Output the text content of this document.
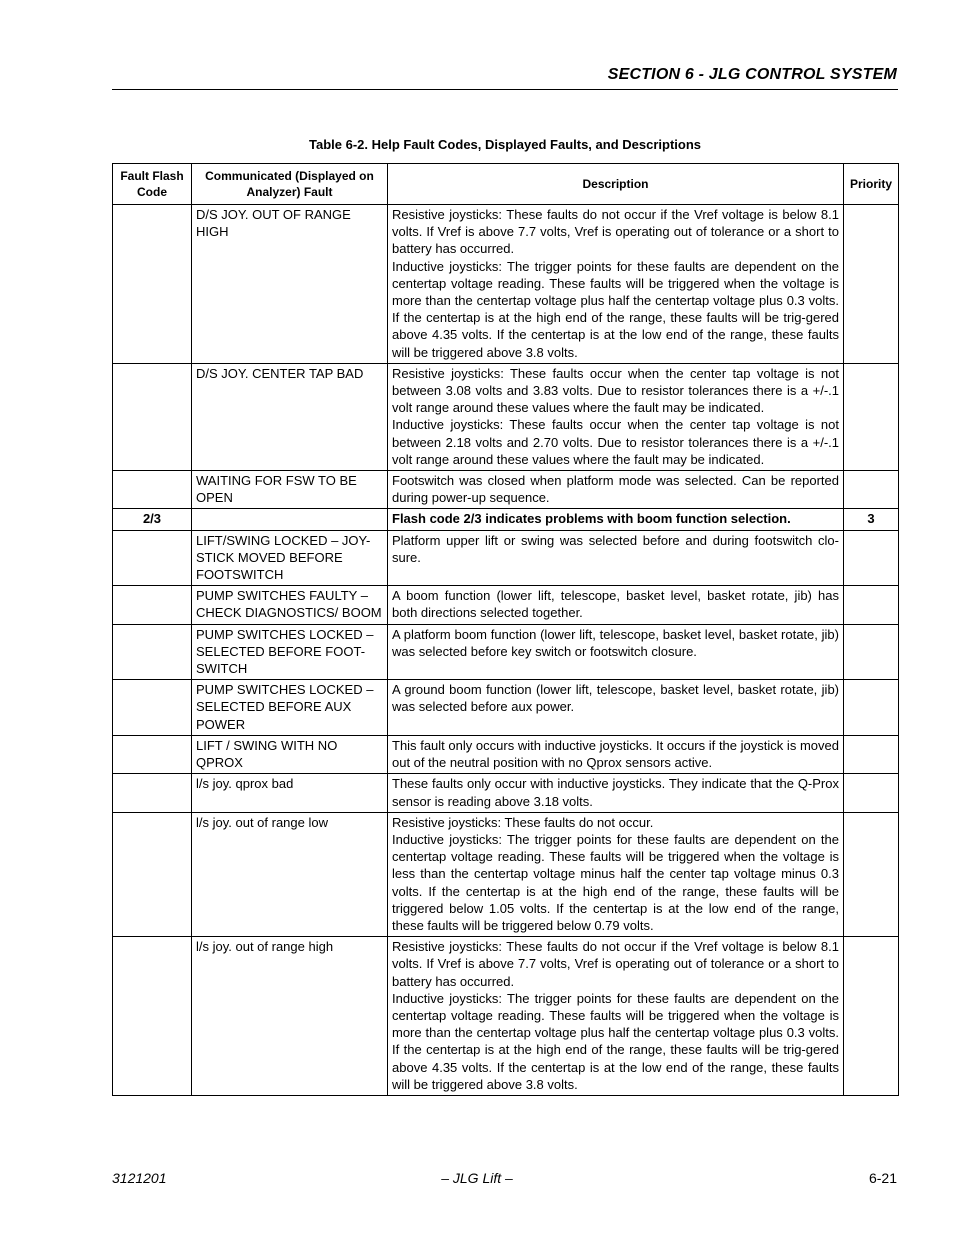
SECTION 6 - JLG CONTROL SYSTEM
Table 6-2. Help Fault Codes, Displayed Faults, and Descriptions
Fault Flash Code	Communicated (Displayed on Analyzer) Fault	Description	Priority
	D/S JOY. OUT OF RANGE HIGH	Resistive joysticks: These faults do not occur if the Vref voltage is below 8.1 volts. If Vref is above 7.7 volts, Vref is operating out of tolerance or a short to battery has occurred.
Inductive joysticks: The trigger points for these faults are dependent on the centertap voltage reading. These faults will be triggered when the voltage is more than the centertap voltage plus half the centertap voltage plus 0.3 volts. If the centertap is at the high end of the range, these faults will be trig-gered above 4.35 volts. If the centertap is at the low end of the range, these faults will be triggered above 3.8 volts.	
	D/S JOY. CENTER TAP BAD	Resistive joysticks: These faults occur when the center tap voltage is not between 3.08 volts and 3.83 volts. Due to resistor tolerances there is a +/-.1 volt range around these values where the fault may be indicated.
Inductive joysticks: These faults occur when the center tap voltage is not between 2.18 volts and 2.70 volts. Due to resistor tolerances there is a +/-.1 volt range around these values where the fault may be indicated.	
	WAITING FOR FSW TO BE OPEN	Footswitch was closed when platform mode was selected. Can be reported during power-up sequence.	
2/3		Flash code 2/3 indicates problems with boom function selection.	3
	LIFT/SWING LOCKED – JOY-STICK MOVED BEFORE FOOTSWITCH	Platform upper lift or swing was selected before and during footswitch clo-sure.	
	PUMP SWITCHES FAULTY – CHECK DIAGNOSTICS/ BOOM	A boom function (lower lift, telescope, basket level, basket rotate, jib) has both directions selected together.	
	PUMP SWITCHES LOCKED – SELECTED BEFORE FOOT-SWITCH	A platform boom function (lower lift, telescope, basket level, basket rotate, jib) was selected before key switch or footswitch closure.	
	PUMP SWITCHES LOCKED – SELECTED BEFORE AUX POWER	A ground boom function (lower lift, telescope, basket level, basket rotate, jib) was selected before aux power.	
	LIFT / SWING WITH NO QPROX	This fault only occurs with inductive joysticks. It occurs if the joystick is moved out of the neutral position with no Qprox sensors active.	
	l/s joy. qprox bad	These faults only occur with inductive joysticks. They indicate that the Q-Prox sensor is reading above 3.18 volts.	
	l/s joy. out of range low	Resistive joysticks: These faults do not occur.
Inductive joysticks: The trigger points for these faults are dependent on the centertap voltage reading. These faults will be triggered when the voltage is less than the centertap voltage minus half the center tap voltage minus 0.3 volts. If the centertap is at the high end of the range, these faults will be triggered below 1.05 volts. If the centertap is at the low end of the range, these faults will be triggered below 0.79 volts.	
	l/s joy. out of range high	Resistive joysticks: These faults do not occur if the Vref voltage is below 8.1 volts. If Vref is above 7.7 volts, Vref is operating out of tolerance or a short to battery has occurred.
Inductive joysticks: The trigger points for these faults are dependent on the centertap voltage reading. These faults will be triggered when the voltage is more than the centertap voltage plus half the centertap voltage plus 0.3 volts. If the centertap is at the high end of the range, these faults will be trig-gered above 4.35 volts. If the centertap is at the low end of the range, these faults will be triggered above 3.8 volts.	
3121201	– JLG Lift –	6-21
